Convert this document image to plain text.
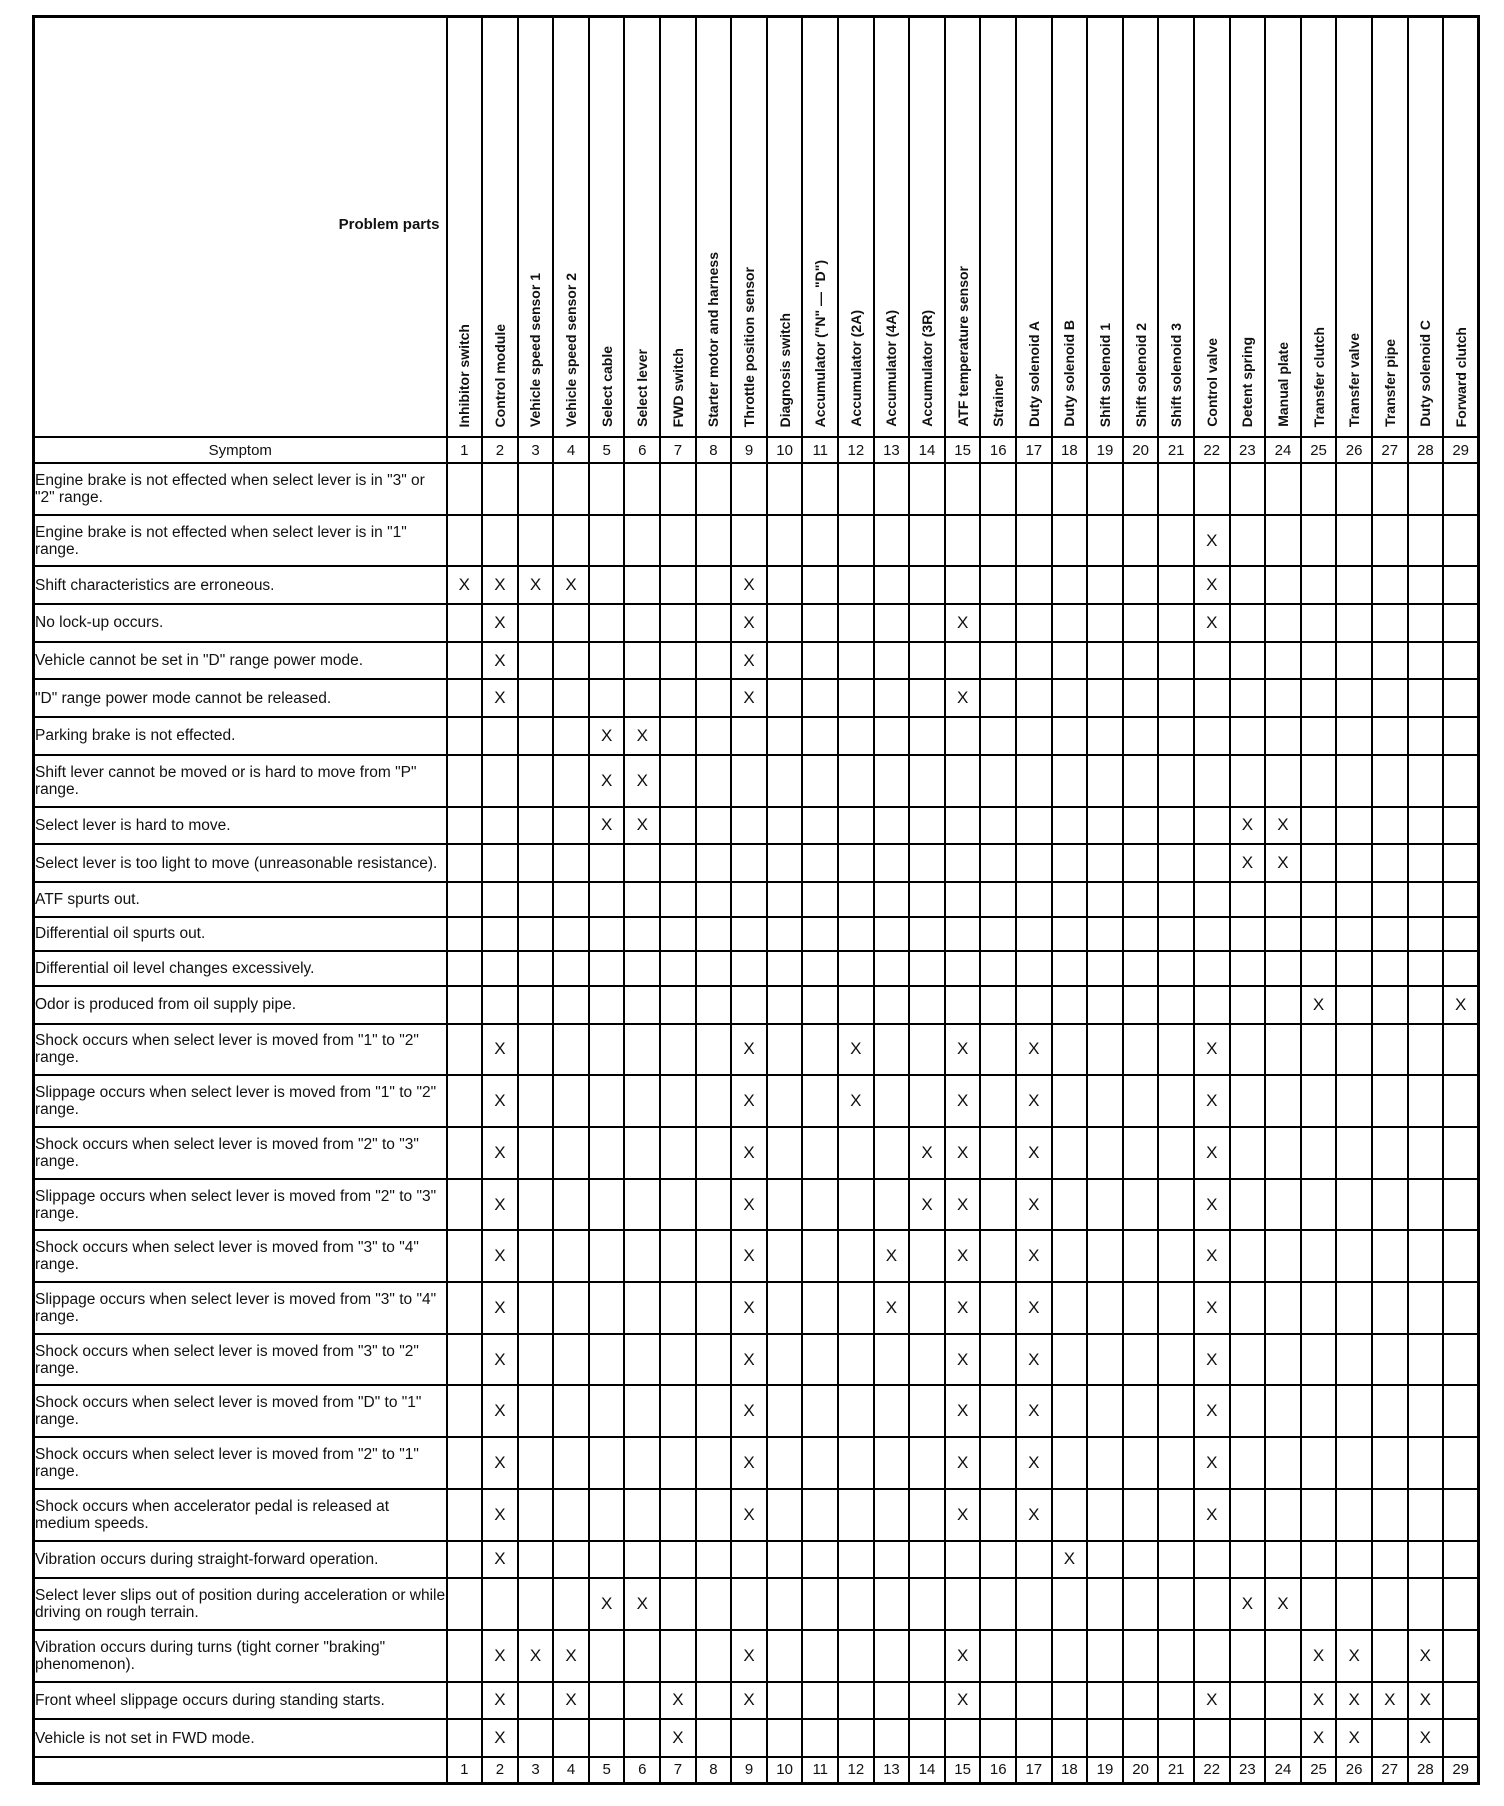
Problem parts	Inhibitor switch	Control module	Vehicle speed sensor 1	Vehicle speed sensor 2	Select cable	Select lever	FWD switch	Starter motor and harness	Throttle position sensor	Diagnosis switch	Accumulator ("N" — "D")	Accumulator (2A)	Accumulator (4A)	Accumulator (3R)	ATF temperature sensor	Strainer	Duty solenoid A	Duty solenoid B	Shift solenoid 1	Shift solenoid 2	Shift solenoid 3	Control valve	Detent spring	Manual plate	Transfer clutch	Transfer valve	Transfer pipe	Duty solenoid C	Forward clutch
Symptom	1	2	3	4	5	6	7	8	9	10	11	12	13	14	15	16	17	18	19	20	21	22	23	24	25	26	27	28	29
Engine brake is not effected when select lever is in "3" or "2" range.																													
Engine brake is not effected when select lever is in "1" range.																						X							
Shift characteristics are erroneous.	X	X	X	X					X													X							
No lock-up occurs.		X							X						X							X							
Vehicle cannot be set in "D" range power mode.		X							X																				
"D" range power mode cannot be released.		X							X						X														
Parking brake is not effected.					X	X																							
Shift lever cannot be moved or is hard to move from "P" range.					X	X																							
Select lever is hard to move.					X	X																	X	X					
Select lever is too light to move (unreasonable resistance).																							X	X					
ATF spurts out.																													
Differential oil spurts out.																													
Differential oil level changes excessively.																													
Odor is produced from oil supply pipe.																									X				X
Shock occurs when select lever is moved from "1" to "2" range.		X							X			X			X		X					X							
Slippage occurs when select lever is moved from "1" to "2" range.		X							X			X			X		X					X							
Shock occurs when select lever is moved from "2" to "3" range.		X							X					X	X		X					X							
Slippage occurs when select lever is moved from "2" to "3" range.		X							X					X	X		X					X							
Shock occurs when select lever is moved from "3" to "4" range.		X							X				X		X		X					X							
Slippage occurs when select lever is moved from "3" to "4" range.		X							X				X		X		X					X							
Shock occurs when select lever is moved from "3" to "2" range.		X							X						X		X					X							
Shock occurs when select lever is moved from "D" to "1" range.		X							X						X		X					X							
Shock occurs when select lever is moved from "2" to "1" range.		X							X						X		X					X							
Shock occurs when accelerator pedal is released at medium speeds.		X							X						X		X					X							
Vibration occurs during straight-forward operation.		X																X											
Select lever slips out of position during acceleration or while driving on rough terrain.					X	X																	X	X					
Vibration occurs during turns (tight corner "braking" phenomenon).		X	X	X					X						X										X	X		X	
Front wheel slippage occurs during standing starts.		X		X			X		X						X							X			X	X	X	X	
Vehicle is not set in FWD mode.		X					X																		X	X		X	
	1	2	3	4	5	6	7	8	9	10	11	12	13	14	15	16	17	18	19	20	21	22	23	24	25	26	27	28	29
